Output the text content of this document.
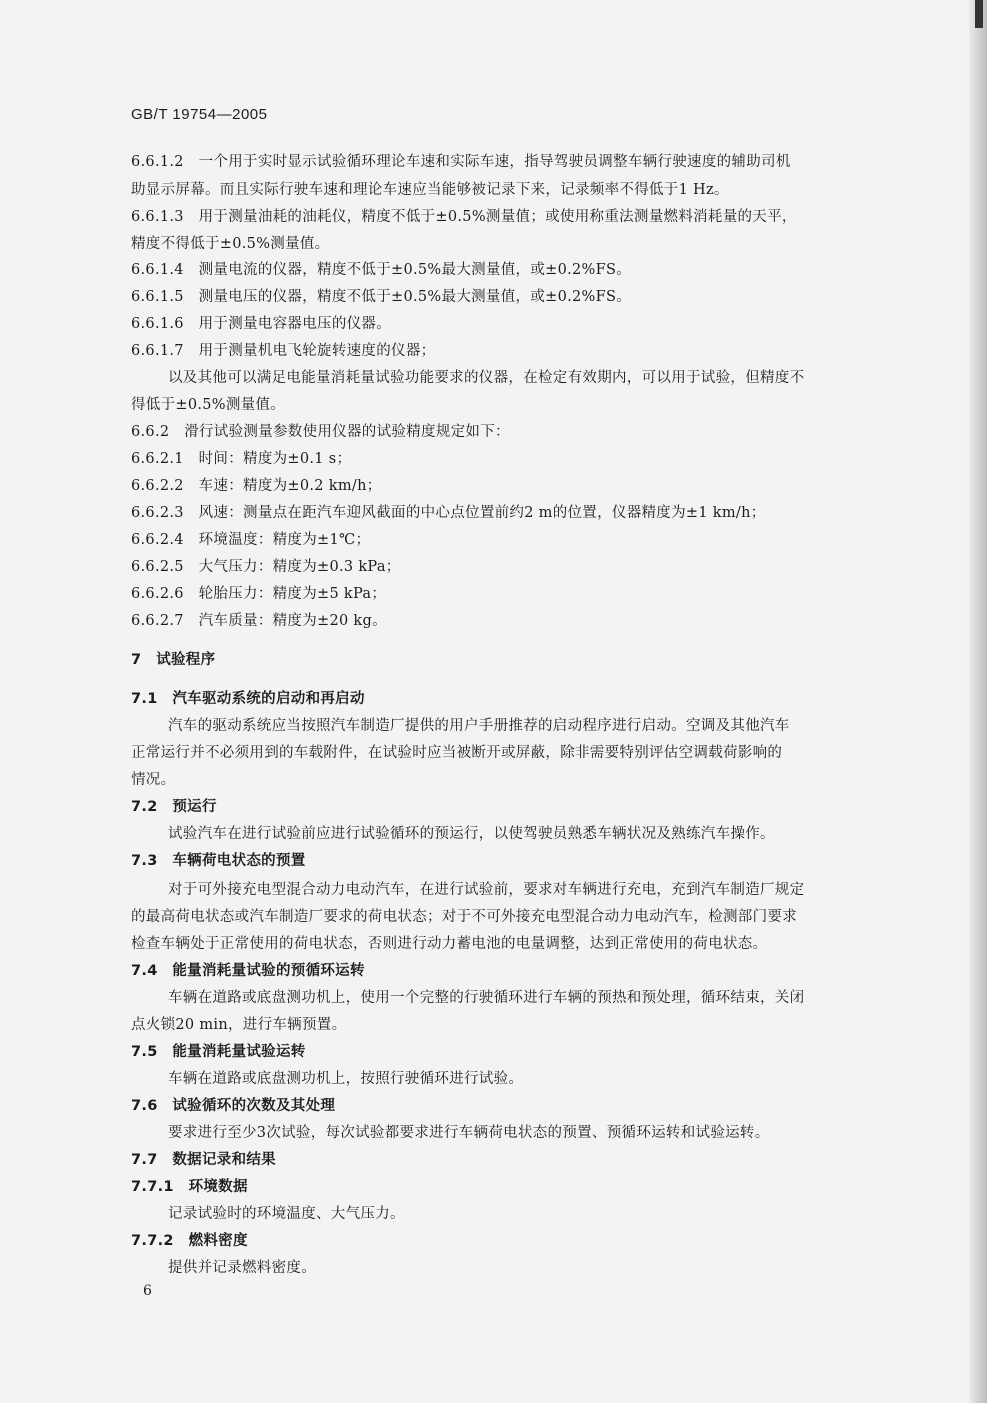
GB/T 19754—2005
6.6.1.2　一个用于实时显示试验循环理论车速和实际车速，指导驾驶员调整车辆行驶速度的辅助司机
助显示屏幕。而且实际行驶车速和理论车速应当能够被记录下来，记录频率不得低于1 Hz。
6.6.1.3　用于测量油耗的油耗仪，精度不低于±0.5%测量值；或使用称重法测量燃料消耗量的天平，
精度不得低于±0.5%测量值。
6.6.1.4　测量电流的仪器，精度不低于±0.5%最大测量值，或±0.2%FS。
6.6.1.5　测量电压的仪器，精度不低于±0.5%最大测量值，或±0.2%FS。
6.6.1.6　用于测量电容器电压的仪器。
6.6.1.7　用于测量机电飞轮旋转速度的仪器；
以及其他可以满足电能量消耗量试验功能要求的仪器，在检定有效期内，可以用于试验，但精度不
得低于±0.5%测量值。
6.6.2　滑行试验测量参数使用仪器的试验精度规定如下：
6.6.2.1　时间：精度为±0.1 s；
6.6.2.2　车速：精度为±0.2 km/h；
6.6.2.3　风速：测量点在距汽车迎风截面的中心点位置前约2 m的位置，仪器精度为±1 km/h；
6.6.2.4　环境温度：精度为±1℃；
6.6.2.5　大气压力：精度为±0.3 kPa；
6.6.2.6　轮胎压力：精度为±5 kPa；
6.6.2.7　汽车质量：精度为±20 kg。
7　试验程序
7.1　汽车驱动系统的启动和再启动
汽车的驱动系统应当按照汽车制造厂提供的用户手册推荐的启动程序进行启动。空调及其他汽车
正常运行并不必须用到的车载附件，在试验时应当被断开或屏蔽，除非需要特别评估空调载荷影响的
情况。
7.2　预运行
试验汽车在进行试验前应进行试验循环的预运行，以使驾驶员熟悉车辆状况及熟练汽车操作。
7.3　车辆荷电状态的预置
对于可外接充电型混合动力电动汽车，在进行试验前，要求对车辆进行充电，充到汽车制造厂规定
的最高荷电状态或汽车制造厂要求的荷电状态；对于不可外接充电型混合动力电动汽车，检测部门要求
检查车辆处于正常使用的荷电状态，否则进行动力蓄电池的电量调整，达到正常使用的荷电状态。
7.4　能量消耗量试验的预循环运转
车辆在道路或底盘测功机上，使用一个完整的行驶循环进行车辆的预热和预处理，循环结束，关闭
点火锁20 min，进行车辆预置。
7.5　能量消耗量试验运转
车辆在道路或底盘测功机上，按照行驶循环进行试验。
7.6　试验循环的次数及其处理
要求进行至少3次试验，每次试验都要求进行车辆荷电状态的预置、预循环运转和试验运转。
7.7　数据记录和结果
7.7.1　环境数据
记录试验时的环境温度、大气压力。
7.7.2　燃料密度
提供并记录燃料密度。
6
